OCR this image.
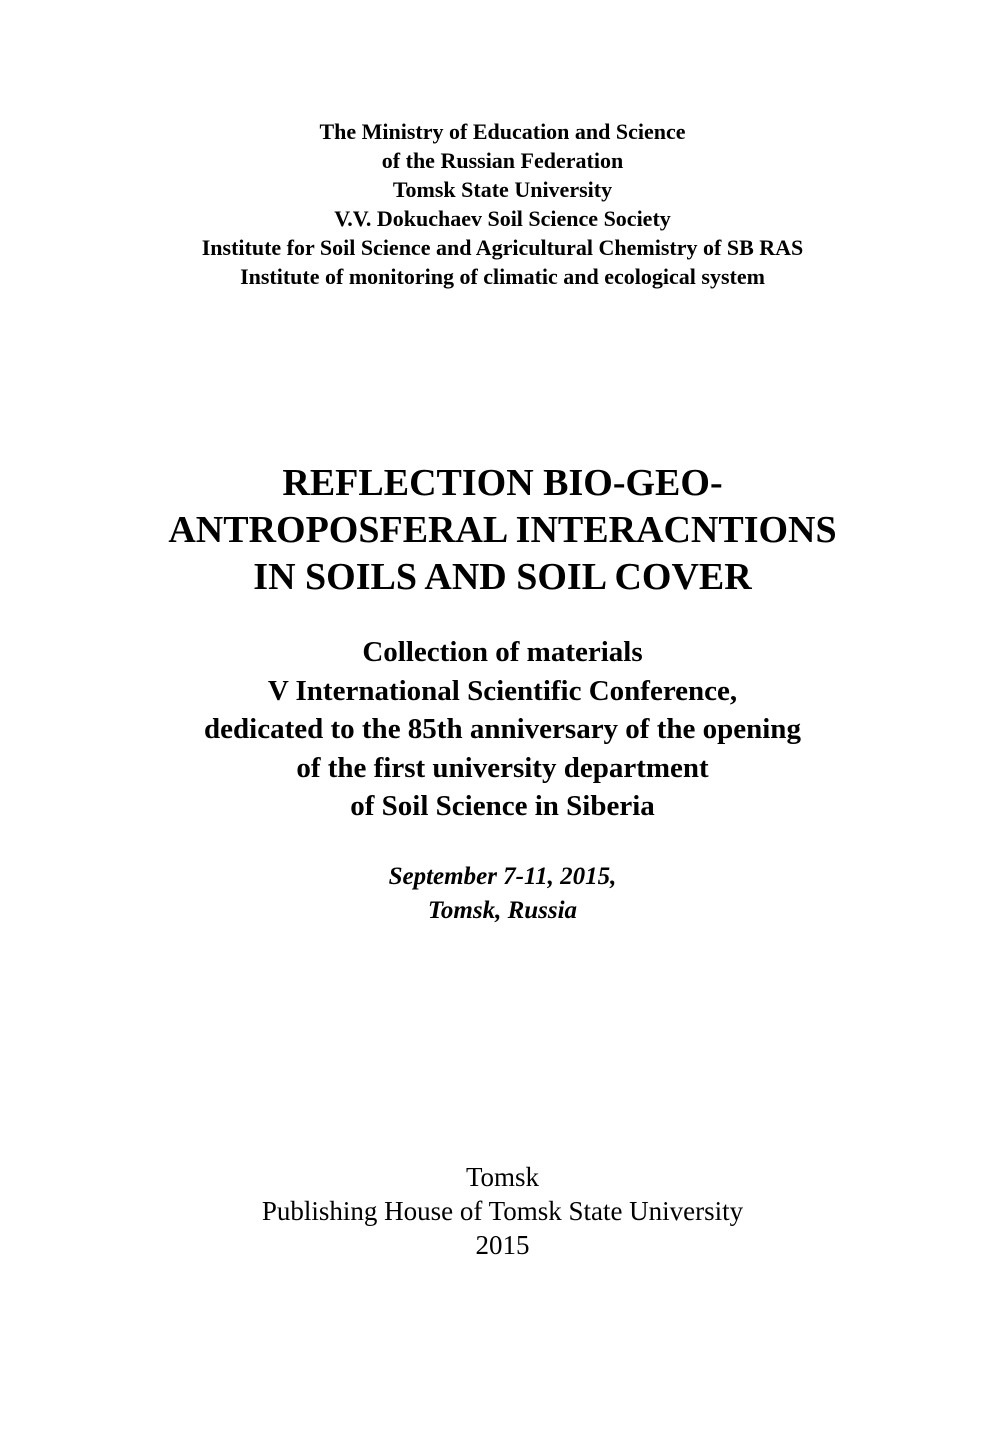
The Ministry of Education and Science
of the Russian Federation
Tomsk State University
V.V. Dokuchaev Soil Science Society
Institute for Soil Science and Agricultural Chemistry of SB RAS
Institute of monitoring of climatic and ecological system
REFLECTION BIO-GEO-
ANTROPOSFERAL INTERACNTIONS
IN SOILS AND SOIL COVER
Collection of materials
V International Scientific Conference,
dedicated to the 85th anniversary of the opening
of the first university department
of Soil Science in Siberia
September 7-11, 2015,
Tomsk, Russia
Tomsk
Publishing House of Tomsk State University
2015
